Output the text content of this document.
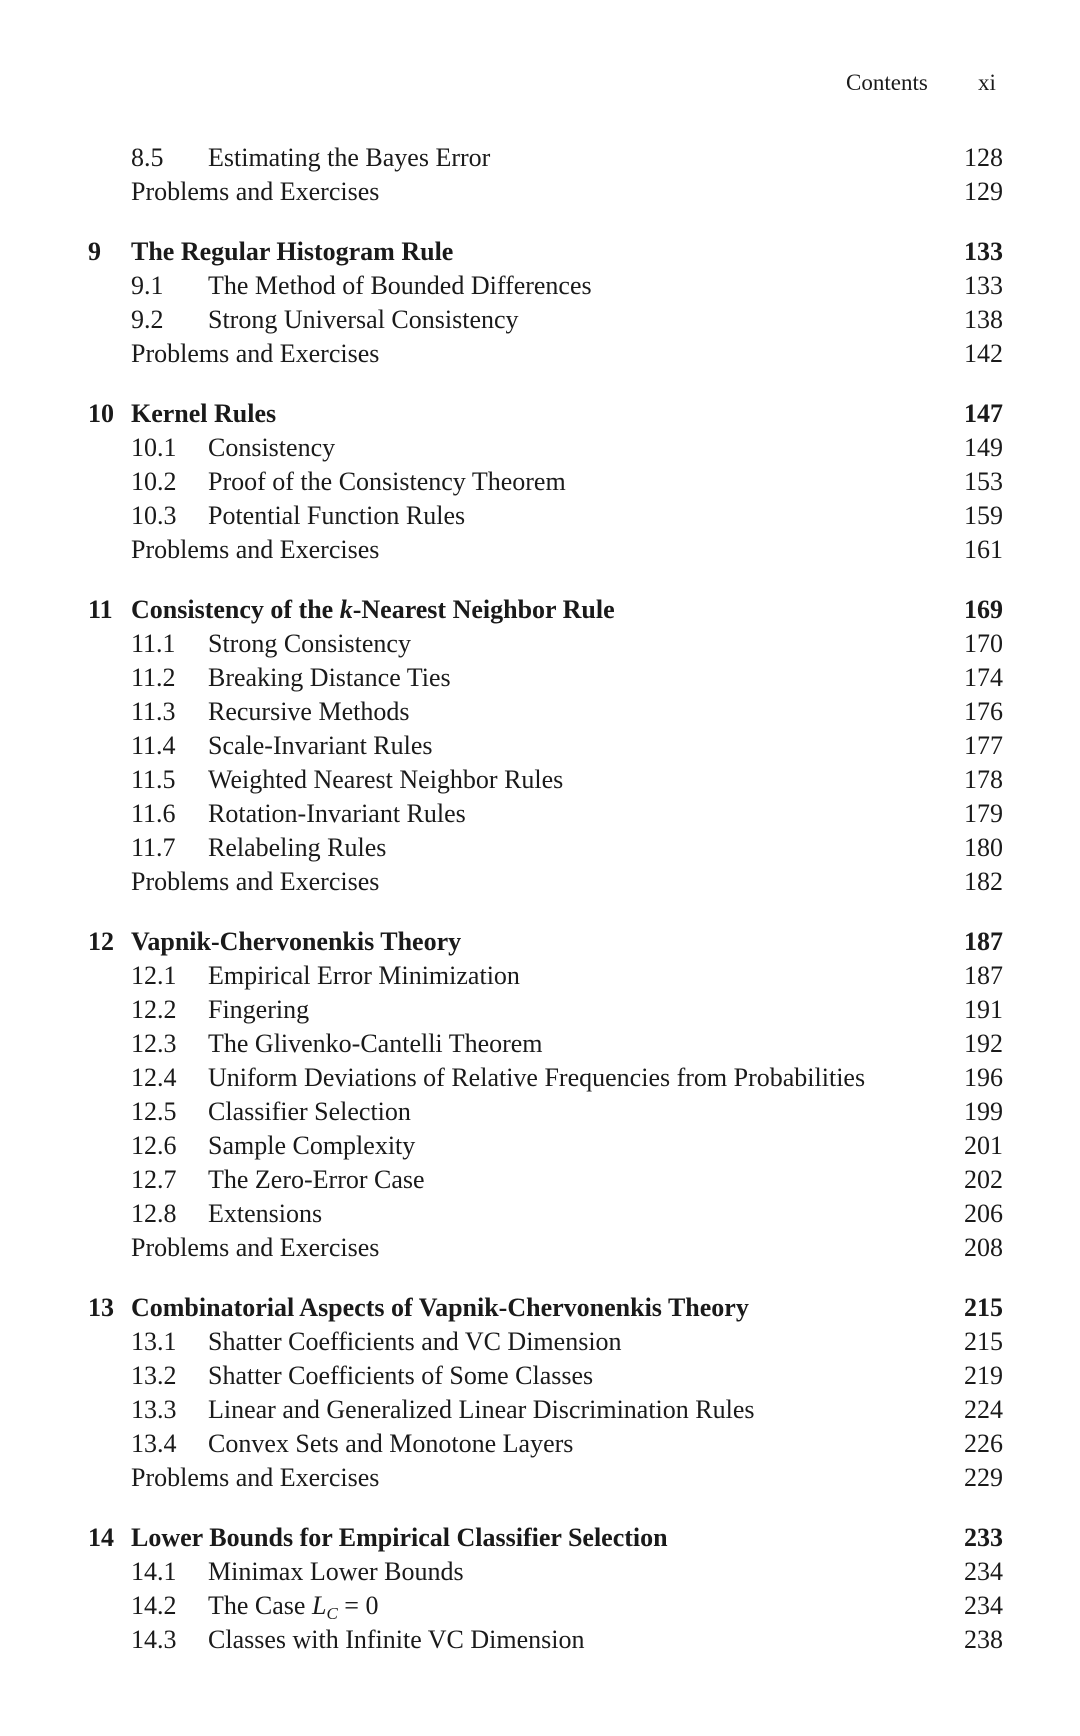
Contents xi
8.5 Estimating the Bayes Error	128
Problems and Exercises	129
9	The Regular Histogram Rule	133
9.1 The Method of Bounded Differences	133
9.2 Strong Universal Consistency	138
Problems and Exercises	142
10 Kernel Rules	147
10.1 Consistency	149
10.2 Proof of the Consistency Theorem	153
10.3 Potential Function Rules	159
Problems and Exercises	161
11 Consistency of the k-Nearest Neighbor Rule	169
11.1 Strong Consistency	170
11.2 Breaking Distance Ties	174
11.3 Recursive Methods	176
11.4 Scale-Invariant Rules	177
11.5 Weighted Nearest Neighbor Rules	178
11.6 Rotation-Invariant Rules	179
11.7 Relabeling Rules	180
Problems and Exercises	182
12 Vapnik-Chervonenkis Theory	187
12.1 Empirical Error Minimization	187
12.2 Fingering	191
12.3 The Glivenko-Cantelli Theorem	192
12.4 Uniform Deviations of Relative Frequencies from Probabilities	196
12.5 Classifier Selection	199
12.6 Sample Complexity	201
12.7 The Zero-Error Case	202
12.8 Extensions	206
Problems and Exercises	208
13 Combinatorial Aspects of Vapnik-Chervonenkis Theory	215
13.1 Shatter Coefficients and VC Dimension	215
13.2 Shatter Coefficients of Some Classes	219
13.3 Linear and Generalized Linear Discrimination Rules	224
13.4 Convex Sets and Monotone Layers	226
Problems and Exercises	229
14 Lower Bounds for Empirical Classifier Selection	233
14.1 Minimax Lower Bounds	234
14.2 The Case $L_C = 0$	234
14.3 Classes with Infinite VC Dimension	238
